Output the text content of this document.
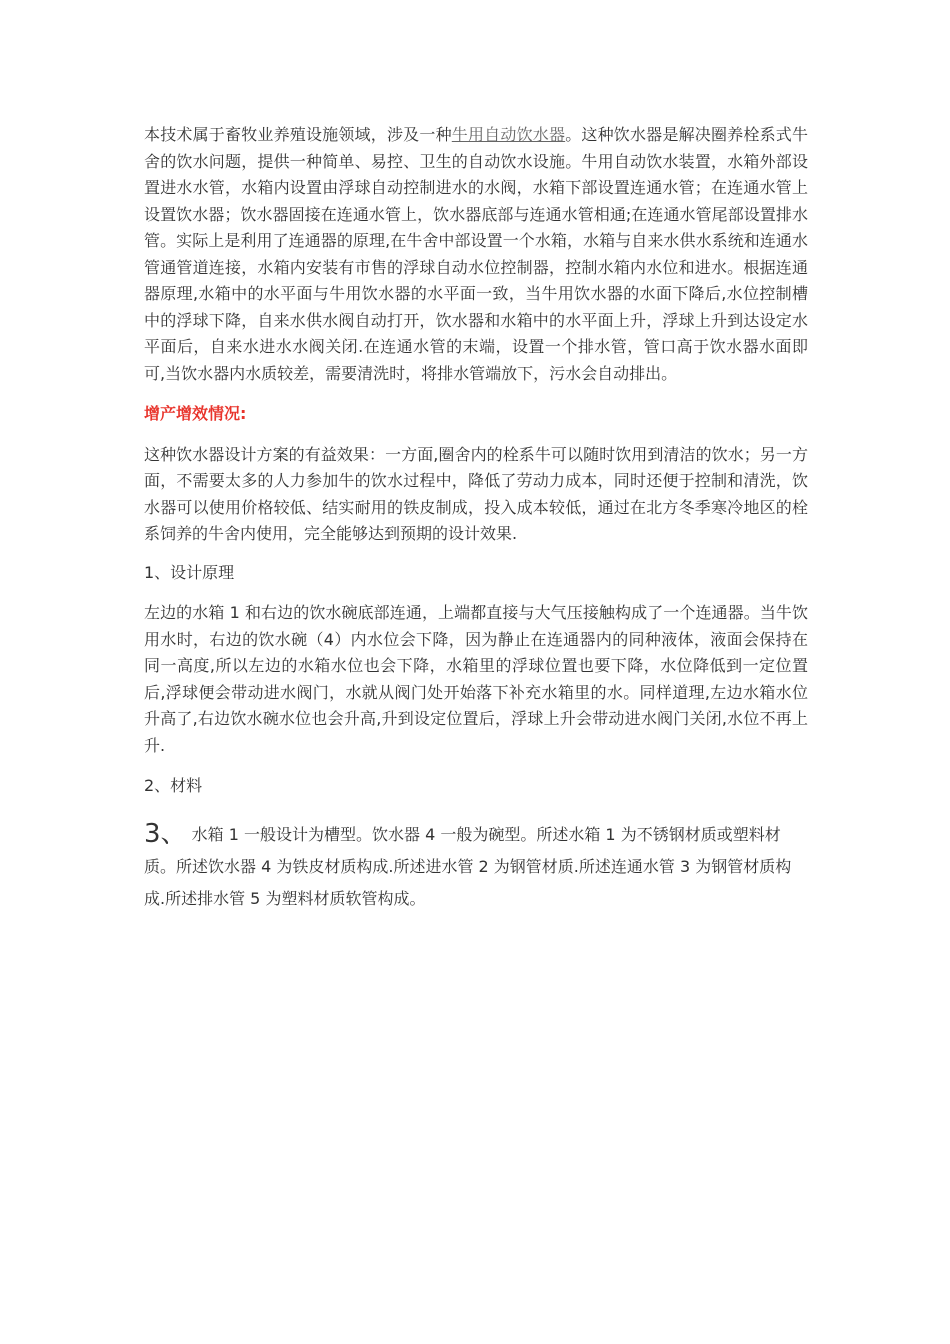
本技术属于畜牧业养殖设施领域，涉及一种牛用自动饮水器。这种饮水器是解决圈养栓系式牛舍的饮水问题，提供一种简单、易控、卫生的自动饮水设施。牛用自动饮水装置，水箱外部设置进水水管，水箱内设置由浮球自动控制进水的水阀，水箱下部设置连通水管；在连通水管上设置饮水器；饮水器固接在连通水管上，饮水器底部与连通水管相通;在连通水管尾部设置排水管。实际上是利用了连通器的原理,在牛舍中部设置一个水箱，水箱与自来水供水系统和连通水管通管道连接，水箱内安装有市售的浮球自动水位控制器，控制水箱内水位和进水。根据连通器原理,水箱中的水平面与牛用饮水器的水平面一致，当牛用饮水器的水面下降后,水位控制槽中的浮球下降，自来水供水阀自动打开，饮水器和水箱中的水平面上升，浮球上升到达设定水平面后，自来水进水水阀关闭.在连通水管的末端，设置一个排水管，管口高于饮水器水面即可,当饮水器内水质较差，需要清洗时，将排水管端放下，污水会自动排出。

增产增效情况:

这种饮水器设计方案的有益效果：一方面,圈舍内的栓系牛可以随时饮用到清洁的饮水；另一方面，不需要太多的人力参加牛的饮水过程中，降低了劳动力成本，同时还便于控制和清洗，饮水器可以使用价格较低、结实耐用的铁皮制成，投入成本较低，通过在北方冬季寒冷地区的栓系饲养的牛舍内使用，完全能够达到预期的设计效果.

1、设计原理

左边的水箱 1 和右边的饮水碗底部连通，上端都直接与大气压接触构成了一个连通器。当牛饮用水时，右边的饮水碗（4）内水位会下降，因为静止在连通器内的同种液体，液面会保持在同一高度,所以左边的水箱水位也会下降，水箱里的浮球位置也要下降，水位降低到一定位置后,浮球便会带动进水阀门，水就从阀门处开始落下补充水箱里的水。同样道理,左边水箱水位升高了,右边饮水碗水位也会升高,升到设定位置后，浮球上升会带动进水阀门关闭,水位不再上升.

2、材料

3、 水箱 1 一般设计为槽型。饮水器 4 一般为碗型。所述水箱 1 为不锈钢材质或塑料材质。所述饮水器 4 为铁皮材质构成.所述进水管 2 为钢管材质.所述连通水管 3 为钢管材质构成.所述排水管 5 为塑料材质软管构成。
